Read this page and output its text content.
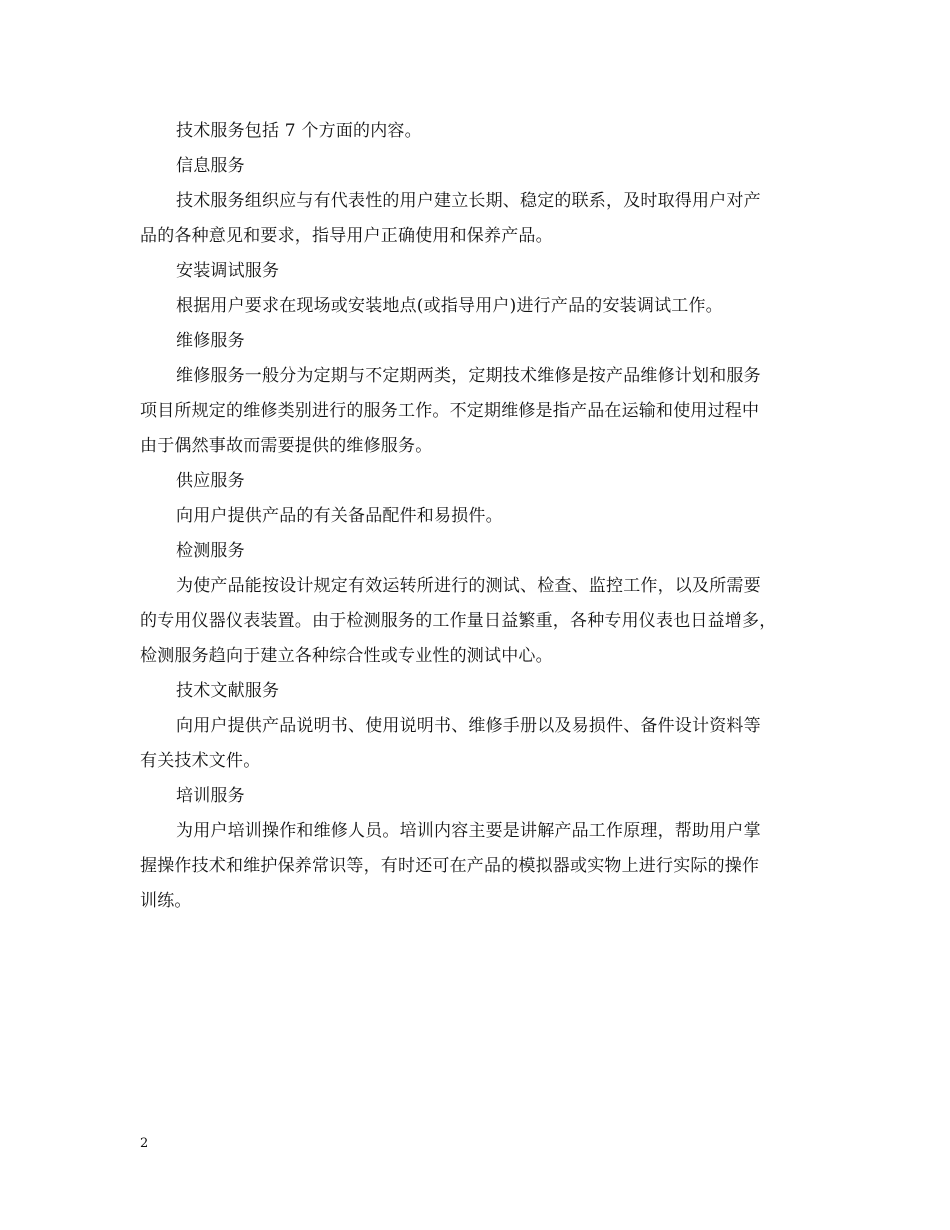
技术服务包括 7 个方面的内容。

信息服务

技术服务组织应与有代表性的用户建立长期、稳定的联系，及时取得用户对产

品的各种意见和要求，指导用户正确使用和保养产品。

安装调试服务

根据用户要求在现场或安装地点(或指导用户)进行产品的安装调试工作。

维修服务

维修服务一般分为定期与不定期两类，定期技术维修是按产品维修计划和服务

项目所规定的维修类别进行的服务工作。不定期维修是指产品在运输和使用过程中

由于偶然事故而需要提供的维修服务。

供应服务

向用户提供产品的有关备品配件和易损件。

检测服务

为使产品能按设计规定有效运转所进行的测试、检查、监控工作，以及所需要

的专用仪器仪表装置。由于检测服务的工作量日益繁重，各种专用仪表也日益增多，

检测服务趋向于建立各种综合性或专业性的测试中心。

技术文献服务

向用户提供产品说明书、使用说明书、维修手册以及易损件、备件设计资料等

有关技术文件。

培训服务

为用户培训操作和维修人员。培训内容主要是讲解产品工作原理，帮助用户掌

握操作技术和维护保养常识等，有时还可在产品的模拟器或实物上进行实际的操作

训练。

2
